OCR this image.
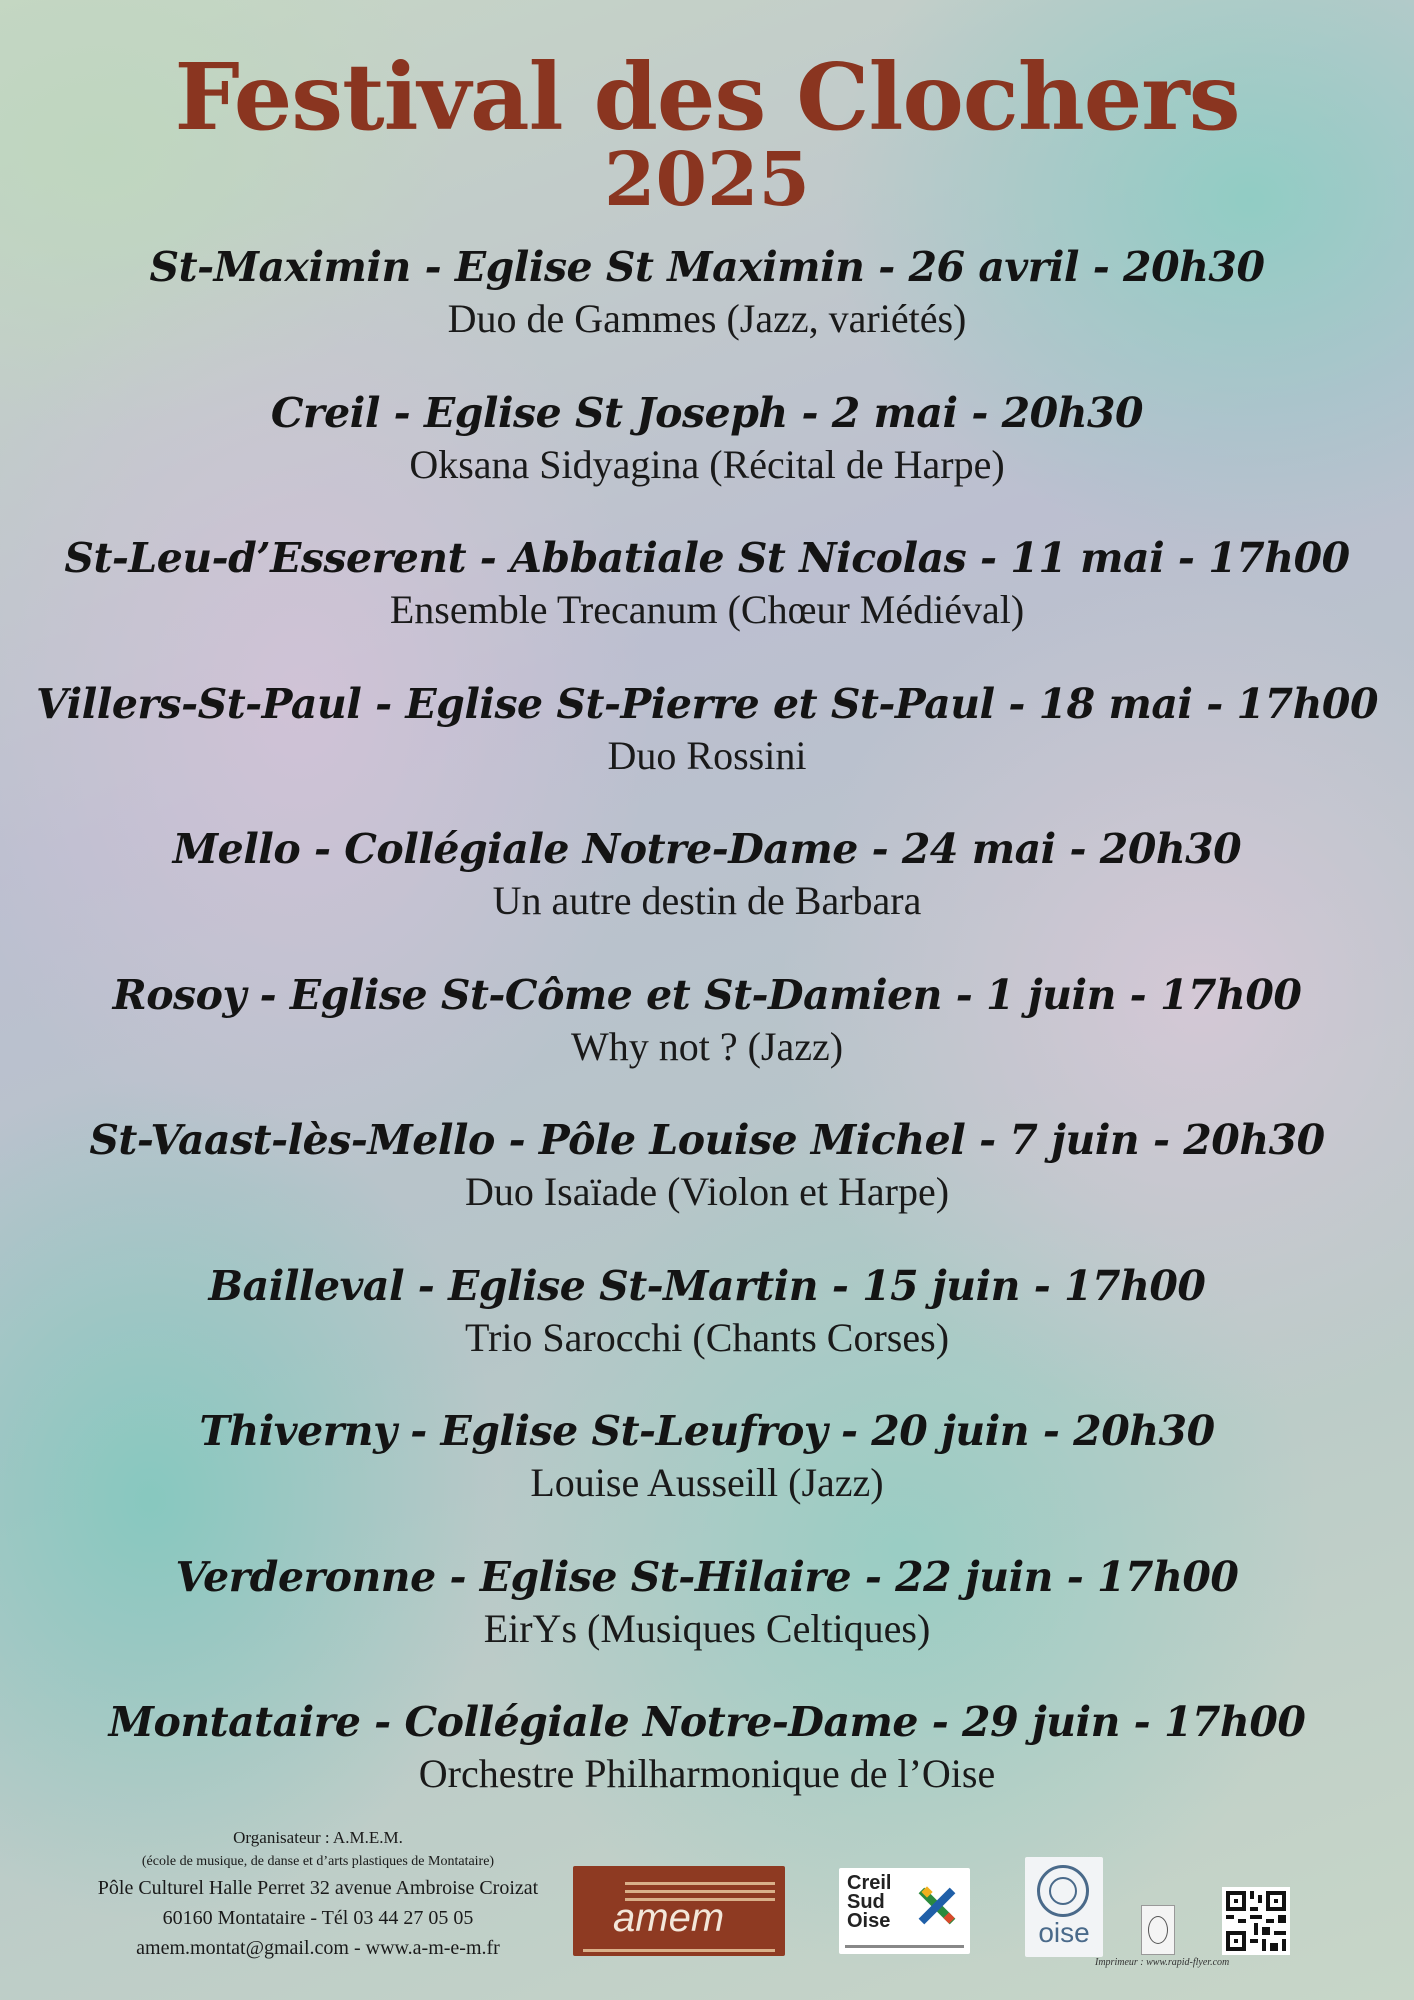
Festival des Clochers
2025
St-Maximin - Eglise St Maximin - 26 avril - 20h30
Duo de Gammes (Jazz, variétés)
Creil - Eglise St Joseph - 2 mai - 20h30
Oksana Sidyagina (Récital de Harpe)
St-Leu-d’Esserent - Abbatiale St Nicolas - 11 mai - 17h00
Ensemble Trecanum (Chœur Médiéval)
Villers-St-Paul - Eglise St-Pierre et St-Paul - 18 mai - 17h00
Duo Rossini
Mello - Collégiale Notre-Dame - 24 mai - 20h30
Un autre destin de Barbara
Rosoy - Eglise St-Côme et St-Damien - 1 juin - 17h00
Why not ? (Jazz)
St-Vaast-lès-Mello - Pôle Louise Michel - 7 juin - 20h30
Duo Isaïade (Violon et Harpe)
Bailleval - Eglise St-Martin - 15 juin - 17h00
Trio Sarocchi (Chants Corses)
Thiverny - Eglise St-Leufroy - 20 juin - 20h30
Louise Ausseill (Jazz)
Verderonne - Eglise St-Hilaire - 22 juin - 17h00
EirYs (Musiques Celtiques)
Montataire - Collégiale Notre-Dame - 29 juin - 17h00
Orchestre Philharmonique de l’Oise
Organisateur : A.M.E.M.
(école de musique, de danse et d’arts plastiques de Montataire)
Pôle Culturel Halle Perret 32 avenue Ambroise Croizat
60160 Montataire - Tél 03 44 27 05 05
amem.montat@gmail.com - www.a-m-e-m.fr
amem
Creil
Sud
Oise	oise
Imprimeur : www.rapid-flyer.com
